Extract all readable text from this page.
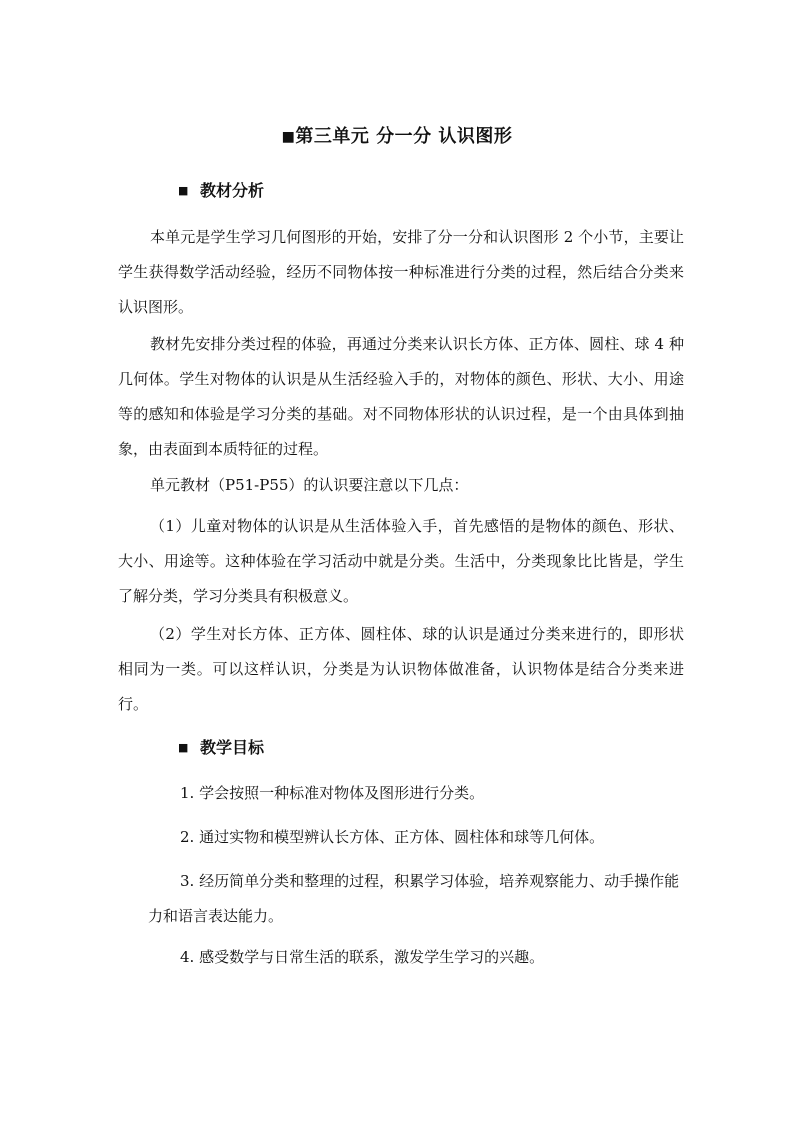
■第三单元 分一分 认识图形
■ 教材分析
本单元是学生学习几何图形的开始，安排了分一分和认识图形 2 个小节，主要让学生获得数学活动经验，经历不同物体按一种标准进行分类的过程，然后结合分类来认识图形。
教材先安排分类过程的体验，再通过分类来认识长方体、正方体、圆柱、球 4 种几何体。学生对物体的认识是从生活经验入手的，对物体的颜色、形状、大小、用途等的感知和体验是学习分类的基础。对不同物体形状的认识过程，是一个由具体到抽象，由表面到本质特征的过程。
单元教材（P51-P55）的认识要注意以下几点：
（1）儿童对物体的认识是从生活体验入手，首先感悟的是物体的颜色、形状、大小、用途等。这种体验在学习活动中就是分类。生活中，分类现象比比皆是，学生了解分类，学习分类具有积极意义。
（2）学生对长方体、正方体、圆柱体、球的认识是通过分类来进行的，即形状相同为一类。可以这样认识，分类是为认识物体做准备，认识物体是结合分类来进行。
■ 教学目标
1. 学会按照一种标准对物体及图形进行分类。
2. 通过实物和模型辨认长方体、正方体、圆柱体和球等几何体。
3. 经历简单分类和整理的过程，积累学习体验，培养观察能力、动手操作能力和语言表达能力。
4. 感受数学与日常生活的联系，激发学生学习的兴趣。
